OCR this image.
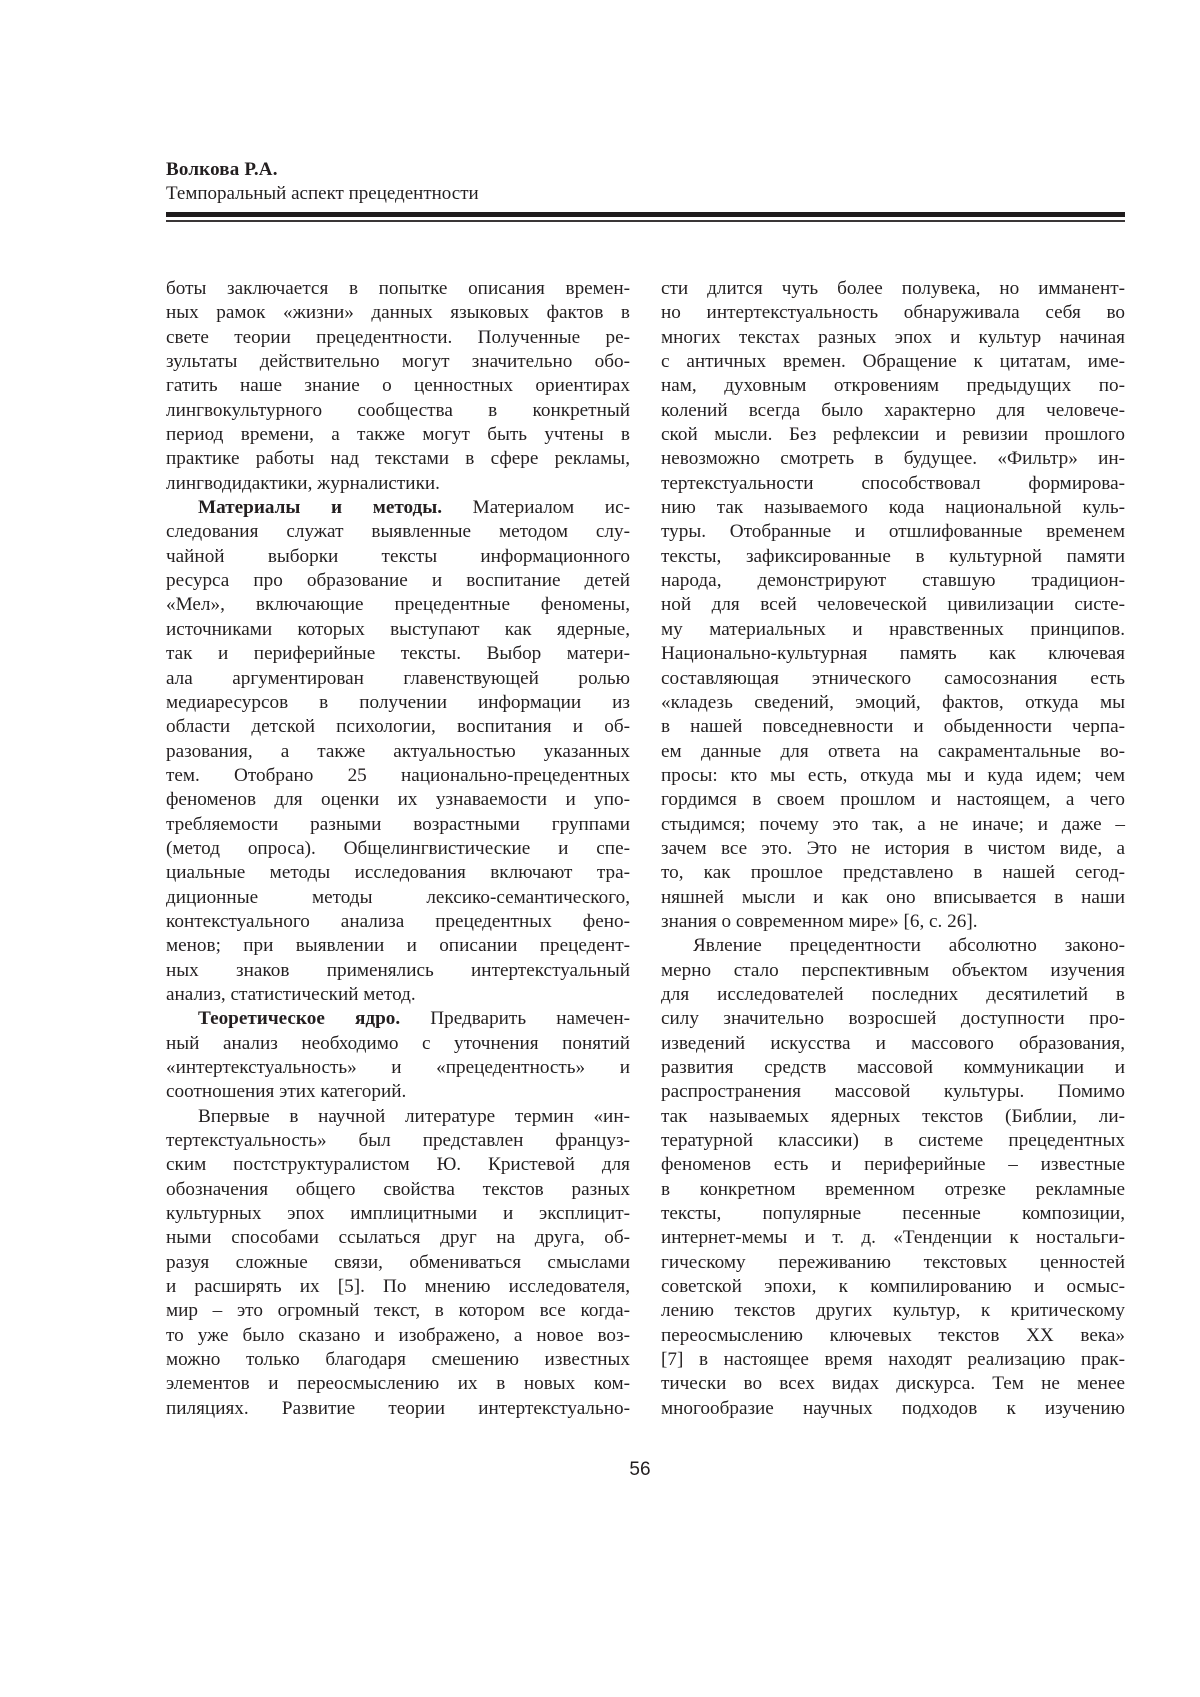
Волкова Р.А.
Темпоральный аспект прецедентности
боты заключается в попытке описания времен-
ных рамок «жизни» данных языковых фактов в
свете теории прецедентности. Полученные ре-
зультаты действительно могут значительно обо-
гатить наше знание о ценностных ориентирах
лингвокультурного сообщества в конкретный
период времени, а также могут быть учтены в
практике работы над текстами в сфере рекламы,
лингводидактики, журналистики.
Материалы и методы. Материалом ис-
следования служат выявленные методом слу-
чайной выборки тексты информационного
ресурса про образование и воспитание детей
«Мел», включающие прецедентные феномены,
источниками которых выступают как ядерные,
так и периферийные тексты. Выбор матери-
ала аргументирован главенствующей ролью
медиаресурсов в получении информации из
области детской психологии, воспитания и об-
разования, а также актуальностью указанных
тем. Отобрано 25 национально-прецедентных
феноменов для оценки их узнаваемости и упо-
требляемости разными возрастными группами
(метод опроса). Общелингвистические и спе-
циальные методы исследования включают тра-
диционные методы лексико-семантического,
контекстуального анализа прецедентных фено-
менов; при выявлении и описании прецедент-
ных знаков применялись интертекстуальный
анализ, статистический метод.
Теоретическое ядро. Предварить намечен-
ный анализ необходимо с уточнения понятий
«интертекстуальность» и «прецедентность» и
соотношения этих категорий.
Впервые в научной литературе термин «ин-
тертекстуальность» был представлен француз-
ским постструктуралистом Ю. Кристевой для
обозначения общего свойства текстов разных
культурных эпох имплицитными и эксплицит-
ными способами ссылаться друг на друга, об-
разуя сложные связи, обмениваться смыслами
и расширять их [5]. По мнению исследователя,
мир – это огромный текст, в котором все когда-
то уже было сказано и изображено, а новое воз-
можно только благодаря смешению известных
элементов и переосмыслению их в новых ком-
пиляциях. Развитие теории интертекстуально-
сти длится чуть более полувека, но имманент-
но интертекстуальность обнаруживала себя во
многих текстах разных эпох и культур начиная
с античных времен. Обращение к цитатам, име-
нам, духовным откровениям предыдущих по-
колений всегда было характерно для человече-
ской мысли. Без рефлексии и ревизии прошлого
невозможно смотреть в будущее. «Фильтр» ин-
тертекстуальности способствовал формирова-
нию так называемого кода национальной куль-
туры. Отобранные и отшлифованные временем
тексты, зафиксированные в культурной памяти
народа, демонстрируют ставшую традицион-
ной для всей человеческой цивилизации систе-
му материальных и нравственных принципов.
Национально-культурная память как ключевая
составляющая этнического самосознания есть
«кладезь сведений, эмоций, фактов, откуда мы
в нашей повседневности и обыденности черпа-
ем данные для ответа на сакраментальные во-
просы: кто мы есть, откуда мы и куда идем; чем
гордимся в своем прошлом и настоящем, а чего
стыдимся; почему это так, а не иначе; и даже –
зачем все это. Это не история в чистом виде, а
то, как прошлое представлено в нашей сегод-
няшней мысли и как оно вписывается в наши
знания о современном мире» [6, с. 26].
Явление прецедентности абсолютно законо-
мерно стало перспективным объектом изучения
для исследователей последних десятилетий в
силу значительно возросшей доступности про-
изведений искусства и массового образования,
развития средств массовой коммуникации и
распространения массовой культуры. Помимо
так называемых ядерных текстов (Библии, ли-
тературной классики) в системе прецедентных
феноменов есть и периферийные – известные
в конкретном временном отрезке рекламные
тексты, популярные песенные композиции,
интернет-мемы и т. д. «Тенденции к ностальги-
гическому переживанию текстовых ценностей
советской эпохи, к компилированию и осмыс-
лению текстов других культур, к критическому
переосмыслению ключевых текстов XX века»
[7] в настоящее время находят реализацию прак-
тически во всех видах дискурса. Тем не менее
многообразие научных подходов к изучению
56
